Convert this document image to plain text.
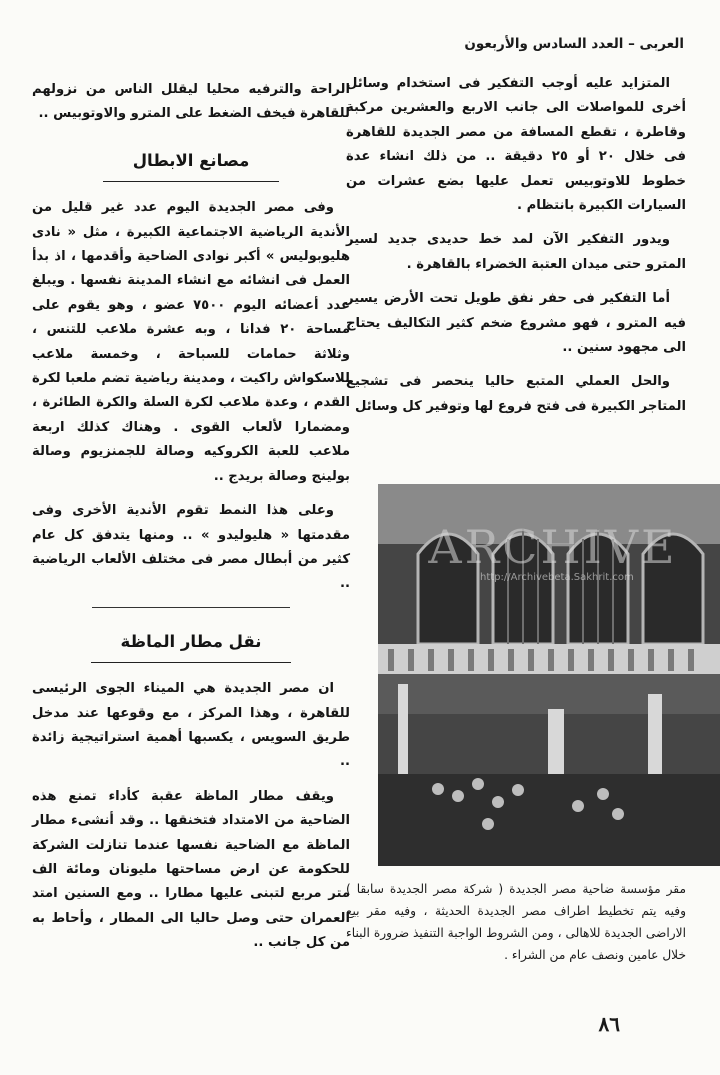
العربى – العدد السادس والأربعون

المتزايد عليه أوجب التفكير فى استخدام وسائل أخرى للمواصلات الى جانب الاربع والعشرين مركبة وقاطرة ، تقطع المسافة من مصر الجديدة للقاهرة فى خلال ٢٠ أو ٢٥ دقيقة .. من ذلك انشاء عدة خطوط للاوتوبيس تعمل عليها بضع عشرات من السيارات الكبيرة بانتظام .

ويدور التفكير الآن لمد خط حديدى جديد لسير المترو حتى ميدان العتبة الخضراء بالقاهرة .

أما التفكير فى حفر نفق طويل تحت الأرض يسير فيه المترو ، فهو مشروع ضخم كثير التكاليف يحتاج الى مجهود سنين ..

والحل العملي المتبع حاليا ينحصر فى تشجيع المتاجر الكبيرة فى فتح فروع لها وتوفير كل وسائل

الراحة والترفيه محليا ليقلل الناس من نزولهم للقاهرة فيخف الضغط على المترو والاوتوبيس ..

مصانع الابطال

وفى مصر الجديدة اليوم عدد غير قليل من الأندية الرياضية الاجتماعية الكبيرة ، مثل « نادى هليوبوليس » أكبر نوادى الضاحية وأقدمها ، اذ بدأ العمل فى انشائه مع انشاء المدينة نفسها . ويبلغ عدد أعضائه اليوم ٧٥٠٠ عضو ، وهو يقوم على مساحة ٢٠ فدانا ، وبه عشرة ملاعب للتنس ، وثلاثة حمامات للسباحة ، وخمسة ملاعب للاسكواش راكيت ، ومدينة رياضية تضم ملعبا لكرة القدم ، وعدة ملاعب لكرة السلة والكرة الطائرة ، ومضمارا لألعاب القوى . وهناك كذلك اربعة ملاعب للعبة الكروكيه وصالة للجمنزيوم وصالة بولينج وصالة بريدج ..

وعلى هذا النمط تقوم الأندية الأخرى وفى مقدمتها « هليوليدو » .. ومنها يتدفق كل عام كثير من أبطال مصر فى مختلف الألعاب الرياضية ..

نقل مطار الماظة

ان مصر الجديدة هي الميناء الجوى الرئيسى للقاهرة ، وهذا المركز ، مع وقوعها عند مدخل طريق السويس ، يكسبها أهمية استراتيجية زائدة ..

ويقف مطار الماظة عقبة كأداء تمنع هذه الضاحية من الامتداد فتخنقها .. وقد أنشىء مطار الماظة مع الضاحية نفسها عندما تنازلت الشركة للحكومة عن ارض مساحتها مليونان ومائة الف متر مربع لتبنى عليها مطارا .. ومع السنين امتد العمران حتى وصل حاليا الى المطار ، وأحاط به من كل جانب ..

ARCHIVE
http://Archivebeta.Sakhrit.com
مقر مؤسسة ضاحية مصر الجديدة ( شركة مصر الجديدة سابقا ) وفيه يتم تخطيط اطراف مصر الجديدة الحديثة ، وفيه مقر بيع الاراضى الجديدة للاهالى ، ومن الشروط الواجبة التنفيذ ضرورة البناء خلال عامين ونصف عام من الشراء .
٨٦
